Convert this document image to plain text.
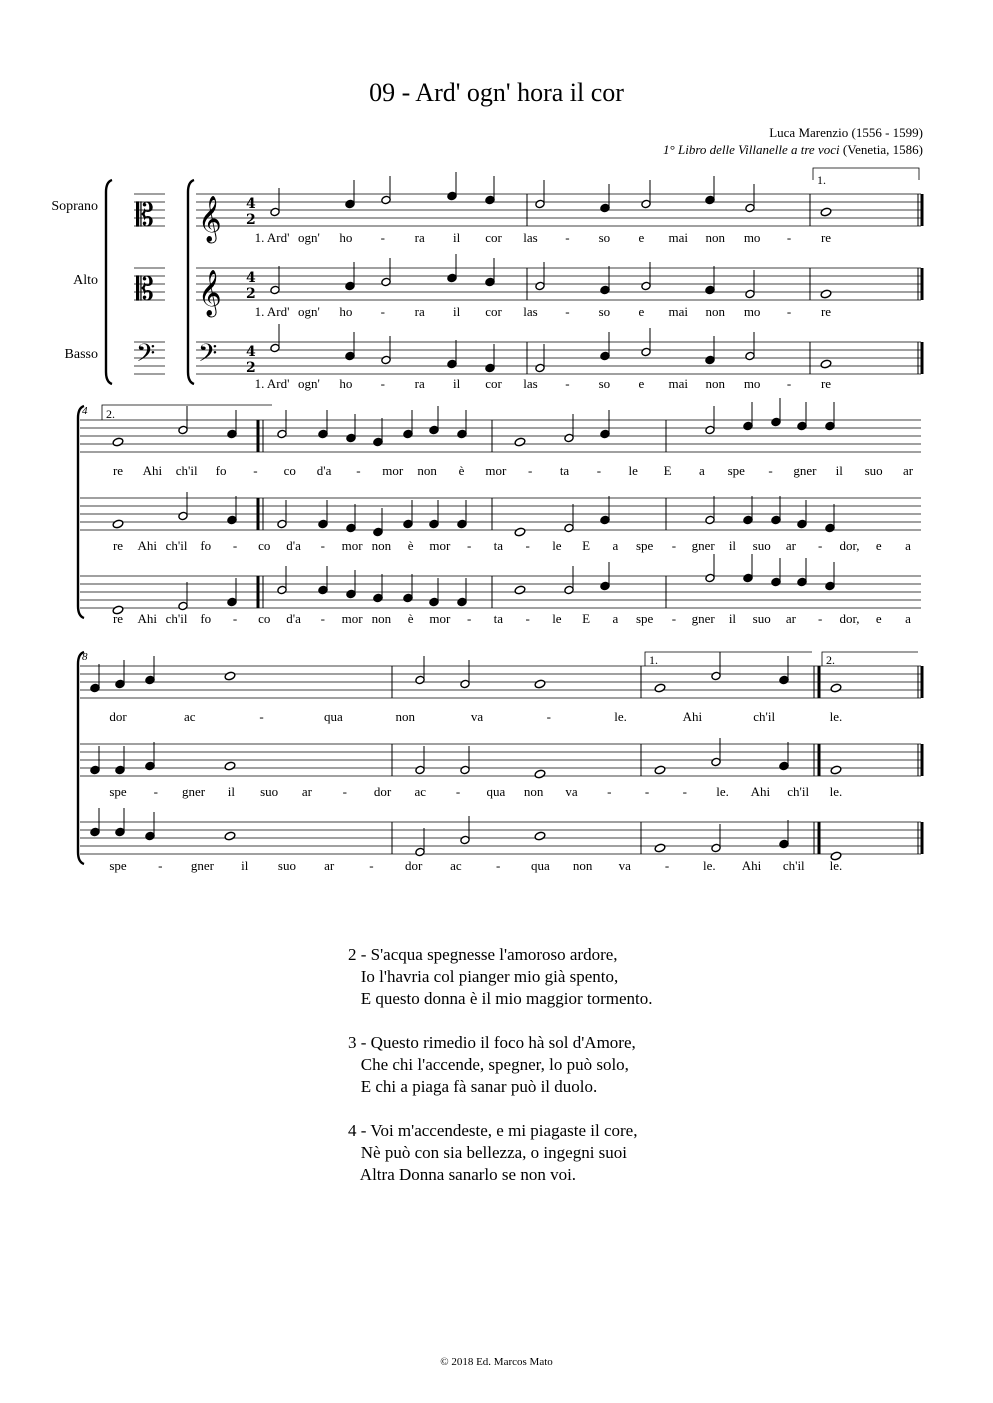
09 - Ard' ogn' hora il cor
Luca Marenzio (1556 - 1599)
1° Libro delle Villanelle a tre voci (Venetia, 1586)
Soprano
Alto
Basso
𝄡
𝄡
𝄢
𝄞 4
2
𝄞 4
2
𝄢 4
2
1.
1. Ard' ogn' ho - ra il cor las - so e mai non mo - re
1. Ard' ogn' ho - ra il cor las - so e mai non mo - re
1. Ard' ogn' ho - ra il cor las - so e mai non mo - re
4 2.
re Ahi ch'il fo - co d'a - mor non è mor - ta - le E a spe - gner il suo ar
re Ahi ch'il fo - co d'a - mor non è mor - ta - le E a spe - gner il suo ar - dor, e a
re Ahi ch'il fo - co d'a - mor non è mor - ta - le E a spe - gner il suo ar - dor, e a
8	1.	2.
dor	ac	-	qua	non	va	-	le.	Ahi	ch'il	le.
spe - gner il suo ar - dor ac - qua non va -	-	- le. Ahi ch'il le.
spe - gner il suo ar	- dor ac	- qua non va	-	le. Ahi ch'il le.
2 - S'acqua spegnesse l'amoroso ardore,
Io l'havria col pianger mio già spento,
E questo donna è il mio maggior tormento.
3 - Questo rimedio il foco hà sol d'Amore,
Che chi l'accende, spegner, lo può solo,
E chi a piaga fà sanar può il duolo.
4 - Voi m'accendeste, e mi piagaste il core,
Nè può con sia bellezza, o ingegni suoi
Altra Donna sanarlo se non voi.
© 2018 Ed. Marcos Mato
